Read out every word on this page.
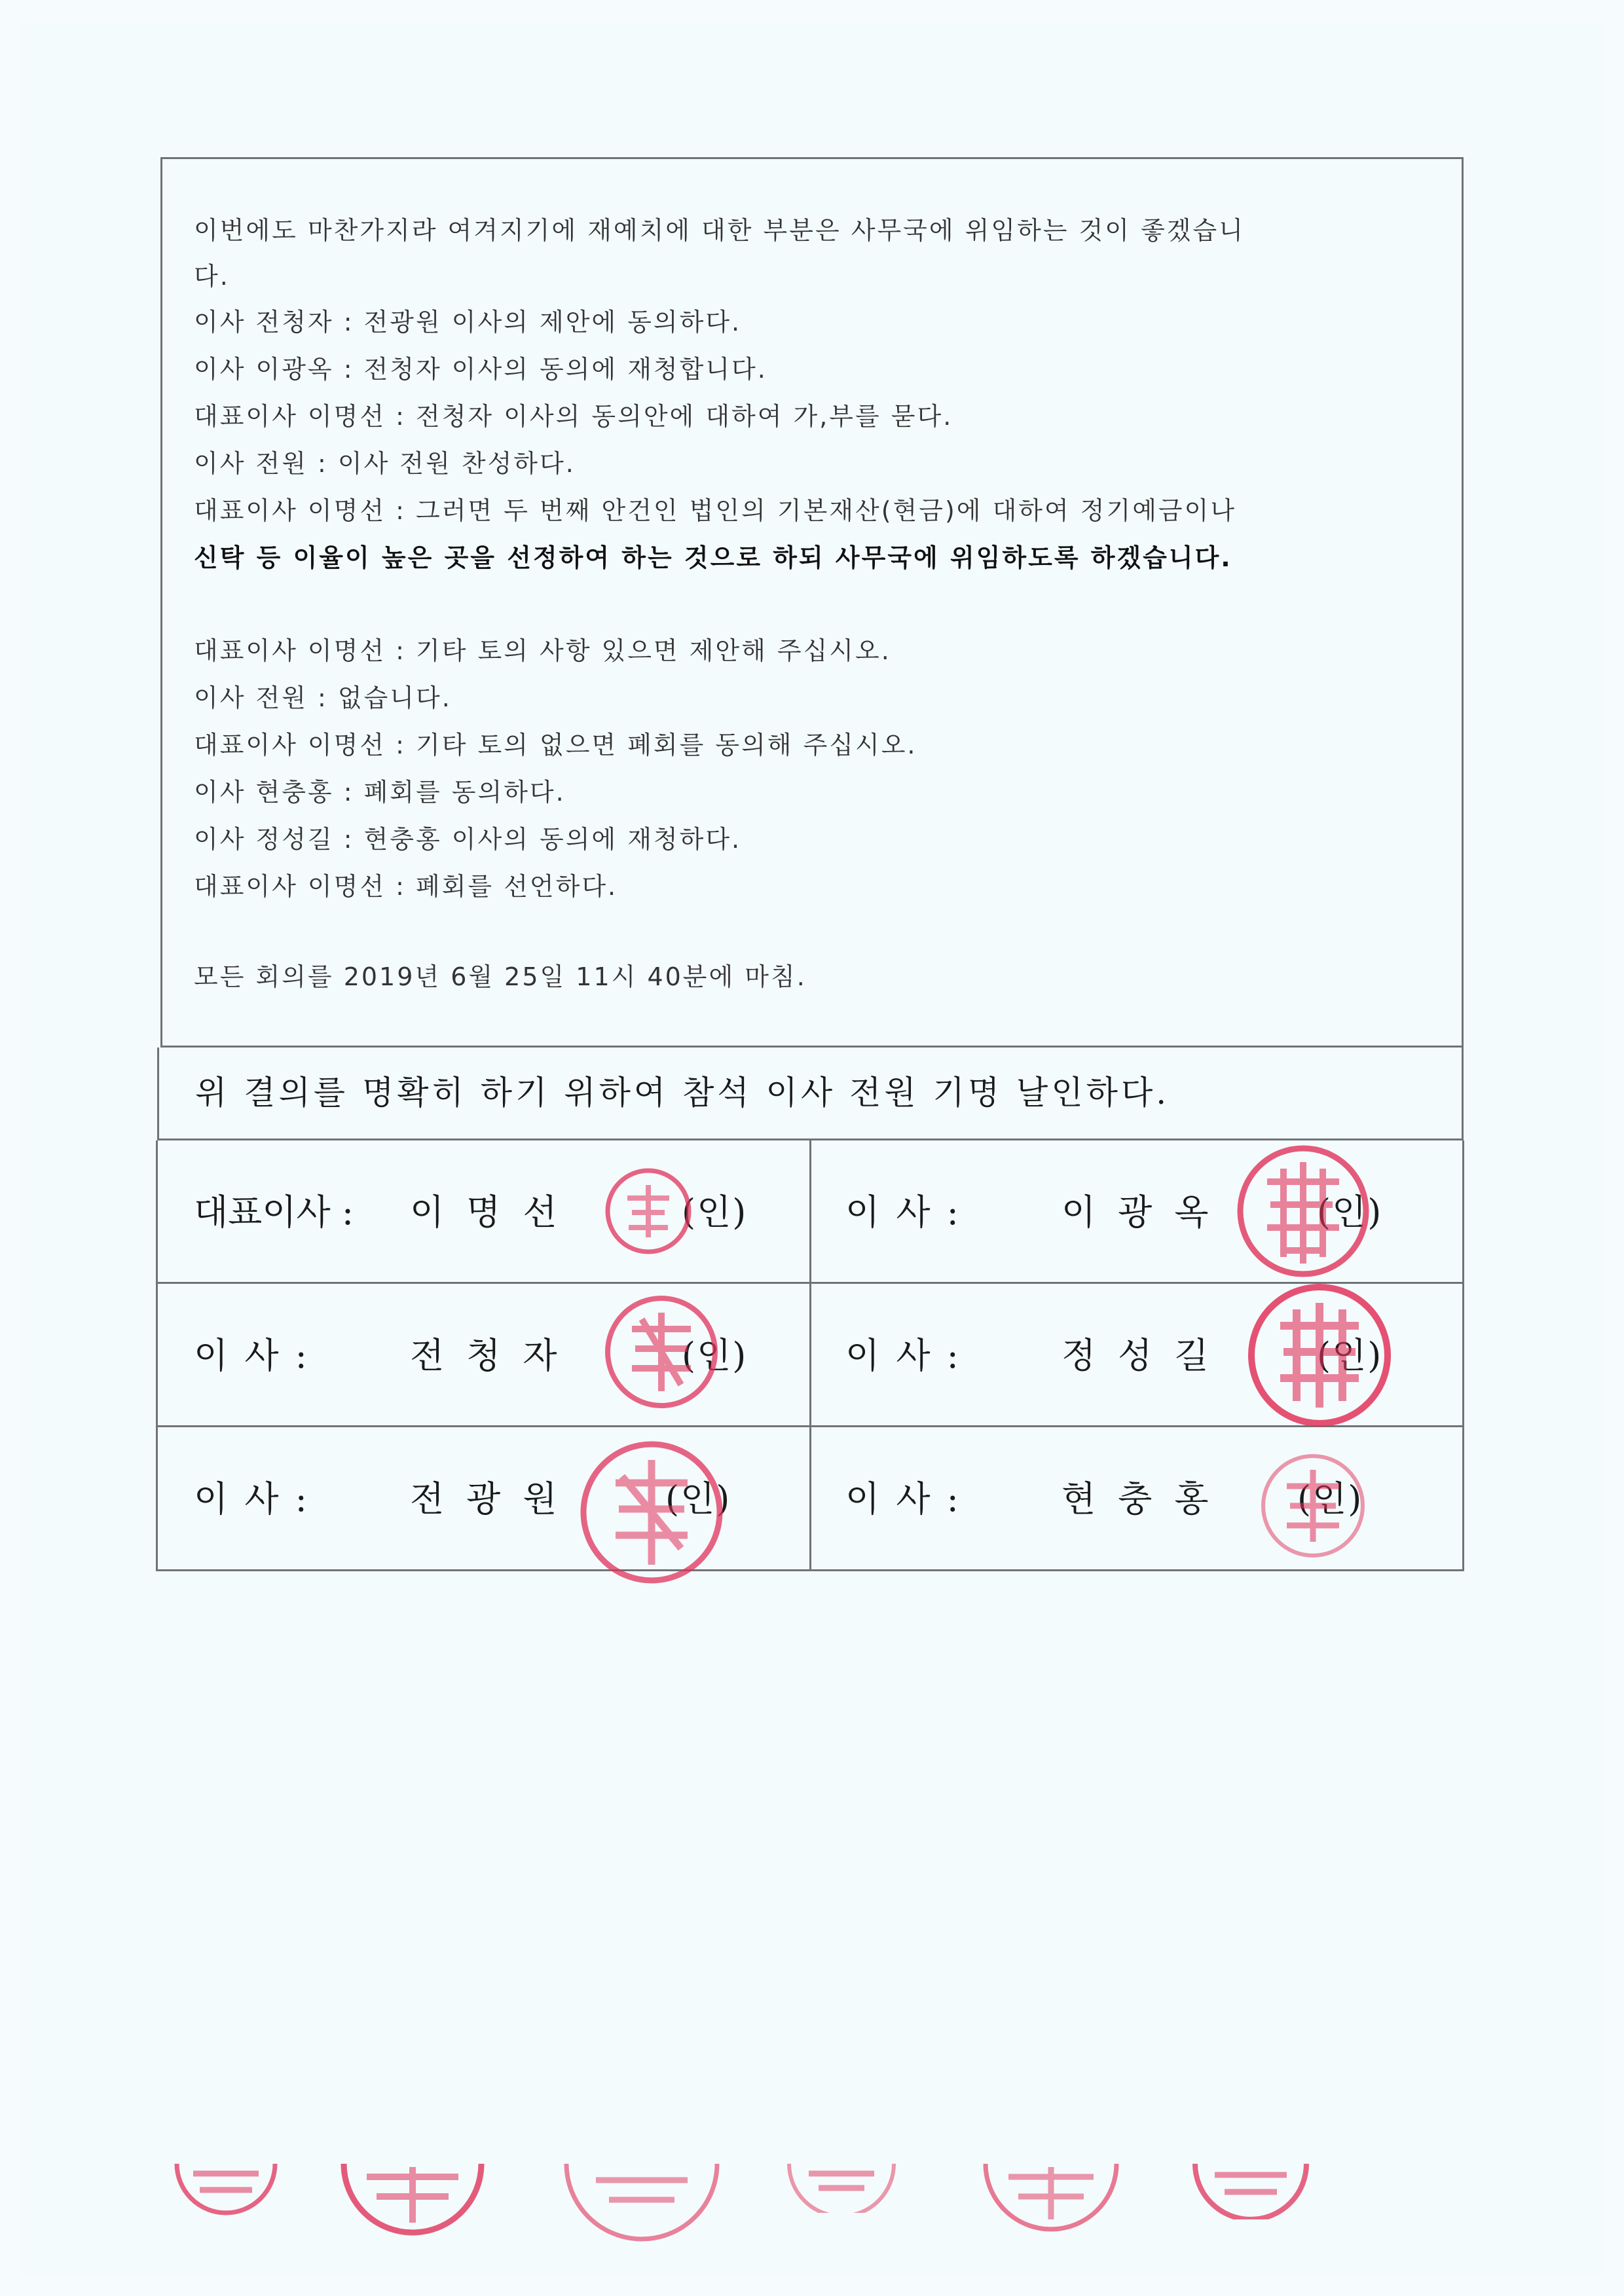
이번에도 마찬가지라 여겨지기에 재예치에 대한 부분은 사무국에 위임하는 것이 좋겠습니
다.
이사 전청자 : 전광원 이사의 제안에 동의하다.
이사 이광옥 : 전청자 이사의 동의에 재청합니다.
대표이사 이명선 : 전청자 이사의 동의안에 대하여 가,부를 묻다.
이사 전원 : 이사 전원 찬성하다.
대표이사 이명선 : 그러면 두 번째 안건인 법인의 기본재산(현금)에 대하여 정기예금이나
신탁 등 이율이 높은 곳을 선정하여 하는 것으로 하되 사무국에 위임하도록 하겠습니다.
대표이사 이명선 : 기타 토의 사항 있으면 제안해 주십시오.
이사 전원 : 없습니다.
대표이사 이명선 : 기타 토의 없으면 폐회를 동의해 주십시오.
이사 현충홍 : 폐회를 동의하다.
이사 정성길 : 현충홍 이사의 동의에 재청하다.
대표이사 이명선 : 폐회를 선언하다.
모든 회의를 2019년 6월 25일 11시 40분에 마침.
위 결의를 명확히 하기 위하여 참석 이사 전원 기명 날인하다.
대표이사 : 이명선	(인)	이 사 :	이광옥 (인)
이 사 :	전청자	(인)	이 사 :	정성길 (인)
이 사 :	전광원 (인)	이 사 :	현충홍 (인)
